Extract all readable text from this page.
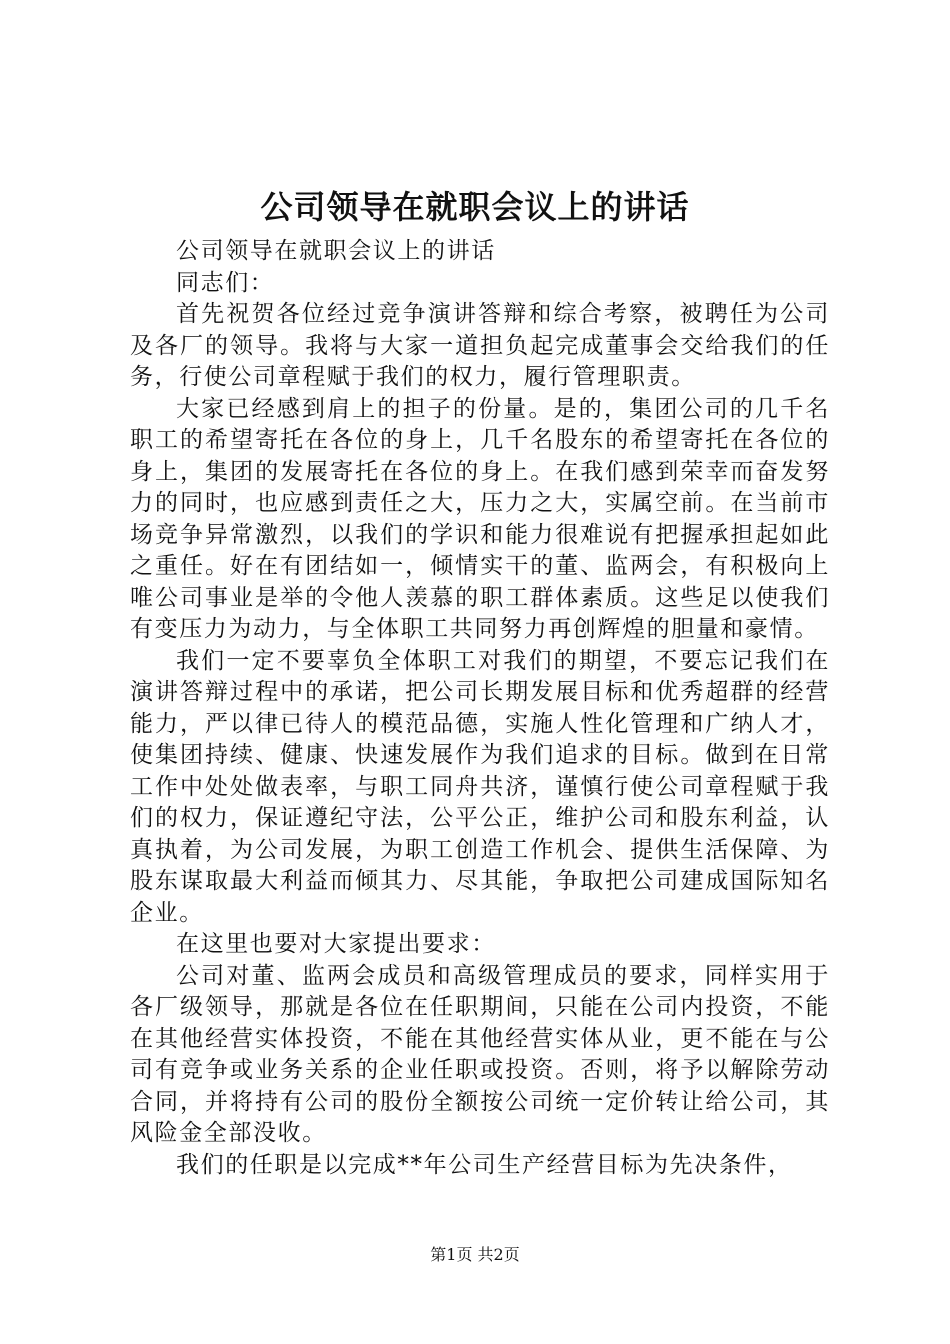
公司领导在就职会议上的讲话

公司领导在就职会议上的讲话

同志们：

首先祝贺各位经过竞争演讲答辩和综合考察，被聘任为公司及各厂的领导。我将与大家一道担负起完成董事会交给我们的任务，行使公司章程赋于我们的权力，履行管理职责。

大家已经感到肩上的担子的份量。是的，集团公司的几千名职工的希望寄托在各位的身上，几千名股东的希望寄托在各位的身上，集团的发展寄托在各位的身上。在我们感到荣幸而奋发努力的同时，也应感到责任之大，压力之大，实属空前。在当前市场竞争异常激烈，以我们的学识和能力很难说有把握承担起如此之重任。好在有团结如一，倾情实干的董、监两会，有积极向上唯公司事业是举的令他人羡慕的职工群体素质。这些足以使我们有变压力为动力，与全体职工共同努力再创辉煌的胆量和豪情。

我们一定不要辜负全体职工对我们的期望，不要忘记我们在演讲答辩过程中的承诺，把公司长期发展目标和优秀超群的经营能力，严以律已待人的模范品德，实施人性化管理和广纳人才，使集团持续、健康、快速发展作为我们追求的目标。做到在日常工作中处处做表率，与职工同舟共济，谨慎行使公司章程赋于我们的权力，保证遵纪守法，公平公正，维护公司和股东利益，认真执着，为公司发展，为职工创造工作机会、提供生活保障、为股东谋取最大利益而倾其力、尽其能，争取把公司建成国际知名企业。

在这里也要对大家提出要求：

公司对董、监两会成员和高级管理成员的要求，同样实用于各厂级领导，那就是各位在任职期间，只能在公司内投资，不能在其他经营实体投资，不能在其他经营实体从业，更不能在与公司有竞争或业务关系的企业任职或投资。否则，将予以解除劳动合同，并将持有公司的股份全额按公司统一定价转让给公司，其风险金全部没收。

我们的任职是以完成**年公司生产经营目标为先决条件，

第1页 共2页
